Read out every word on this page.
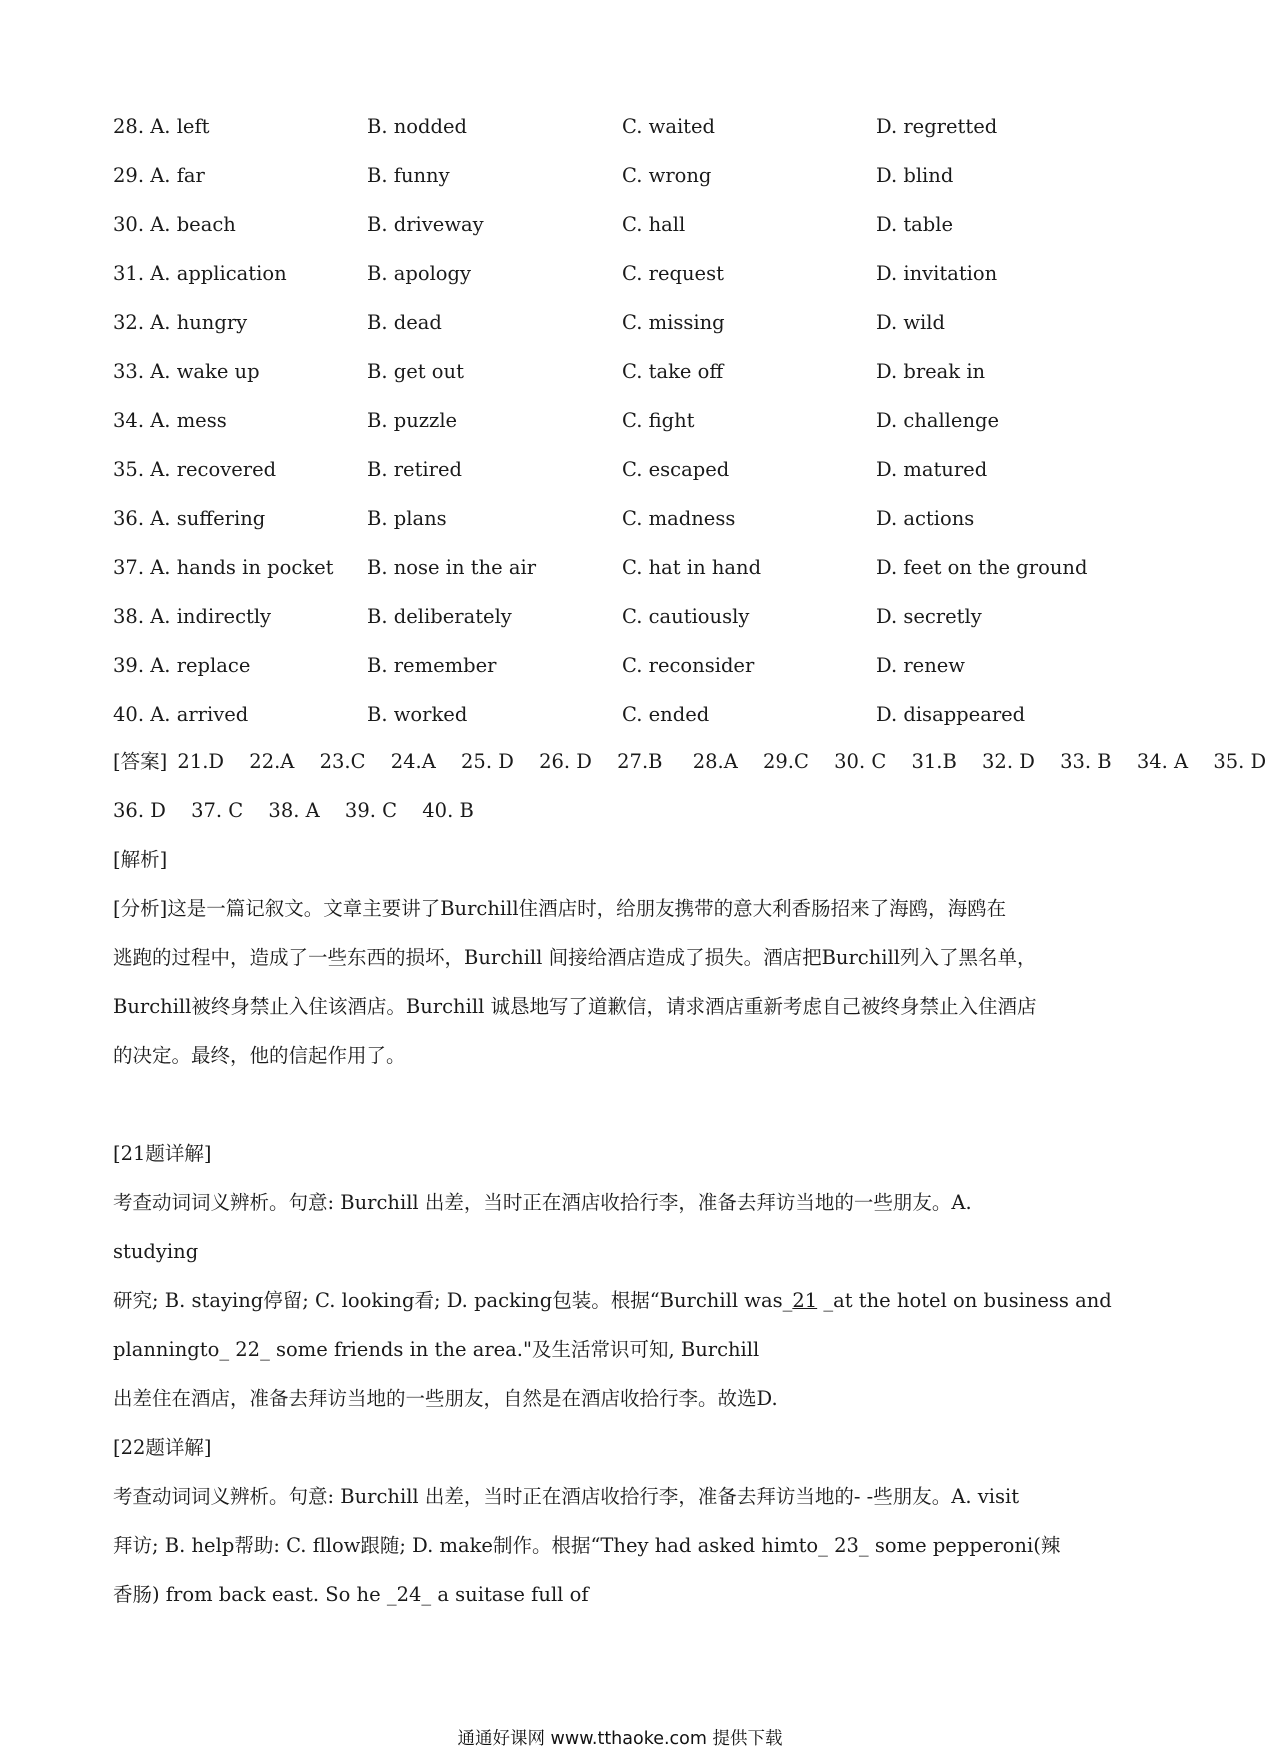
28. A. left	B. nodded	C. waited	D. regretted
29. A. far	B. funny	C. wrong	D. blind
30. A. beach	B. driveway	C. hall	D. table
31. A. application	B. apology	C. request	D. invitation
32. A. hungry	B. dead	C. missing	D. wild
33. A. wake up	B. get out	C. take off	D. break in
34. A. mess	B. puzzle	C. fight	D. challenge
35. A. recovered	B. retired	C. escaped	D. matured
36. A. suffering	B. plans	C. madness	D. actions
37. A. hands in pocket B. nose in the air	C. hat in hand	D. feet on the ground
38. A. indirectly	B. deliberately	C. cautiously	D. secretly
39. A. replace	B. remember	C. reconsider	D. renew
40. A. arrived	B. worked	C. ended	D. disappeared
[答案] 21.D 22.A 23.C 24.A 25. D 26. D 27.B 28.A 29.C 30. C 31.B 32. D 33. B 34. A 35. D
36. D 37. C 38. A 39. C 40. B

[解析]

[分析]这是一篇记叙文。文章主要讲了Burchill住酒店时，给朋友携带的意大利香肠招来了海鸥，海鸥在

逃跑的过程中，造成了一些东西的损坏，Burchill 间接给酒店造成了损失。酒店把Burchill列入了黑名单，

Burchill被终身禁止入住该酒店。Burchill 诚恳地写了道歉信，请求酒店重新考虑自己被终身禁止入住酒店

的决定。最终，他的信起作用了。

[21题详解]

考查动词词义辨析。句意: Burchill 出差，当时正在酒店收拾行李，准备去拜访当地的一些朋友。A.

studying

研究; B. staying停留; C. looking看; D. packing包装。根据“Burchill was_21 _at the hotel on business and

planningto_ 22_ some friends in the area."及生活常识可知, Burchill

出差住在酒店，准备去拜访当地的一些朋友，自然是在酒店收拾行李。故选D.

[22题详解]

考查动词词义辨析。句意: Burchill 出差，当时正在酒店收拾行李，准备去拜访当地的- -些朋友。A. visit

拜访; B. help帮助: C. fllow跟随; D. make制作。根据“They had asked himto_ 23_ some pepperoni(辣

香肠) from back east. So he _24_ a suitase full of

通通好课网 www.tthaoke.com 提供下载
